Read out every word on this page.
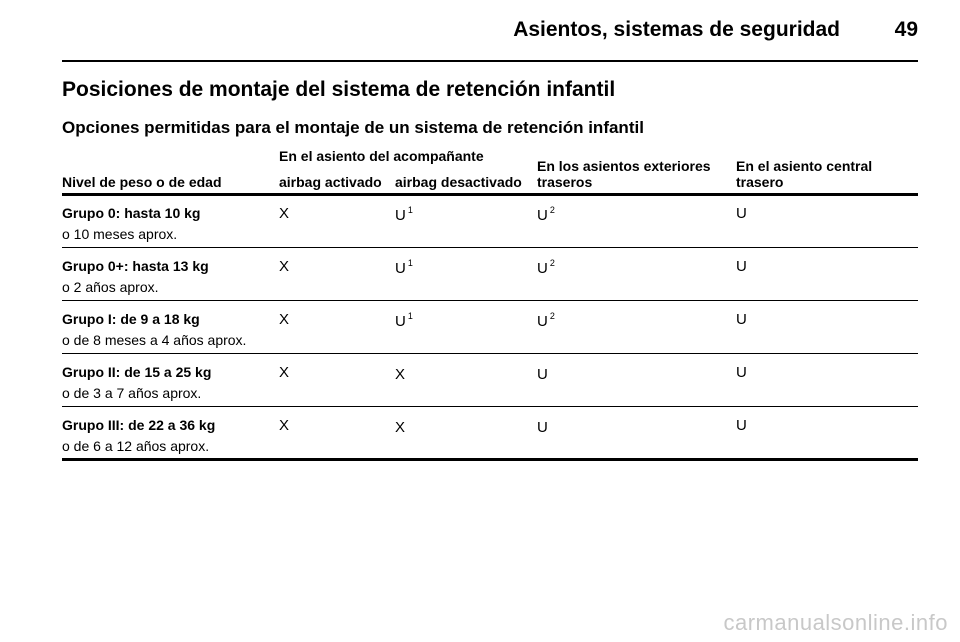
Asientos, sistemas de seguridad	49
Posiciones de montaje del sistema de retención infantil
Opciones permitidas para el montaje de un sistema de retención infantil
Nivel de peso o de edad
En el asiento del acompañante
airbag activado airbag desactivado
En los asientos exteriores
traseros
En el asiento central
trasero
Grupo 0: hasta 10 kg
o 10 meses aprox.
X	U $^1$	U $^2$	U
Grupo 0+: hasta 13 kg
o 2 años aprox.
X	U $^1$	U $^2$	U
Grupo I: de 9 a 18 kg
o de 8 meses a 4 años aprox.
X	U $^1$	U $^2$	U
Grupo II: de 15 a 25 kg
o de 3 a 7 años aprox.
X	X	U	U
Grupo III: de 22 a 36 kg
o de 6 a 12 años aprox.
X	X	U	U
carmanualsonline.info
